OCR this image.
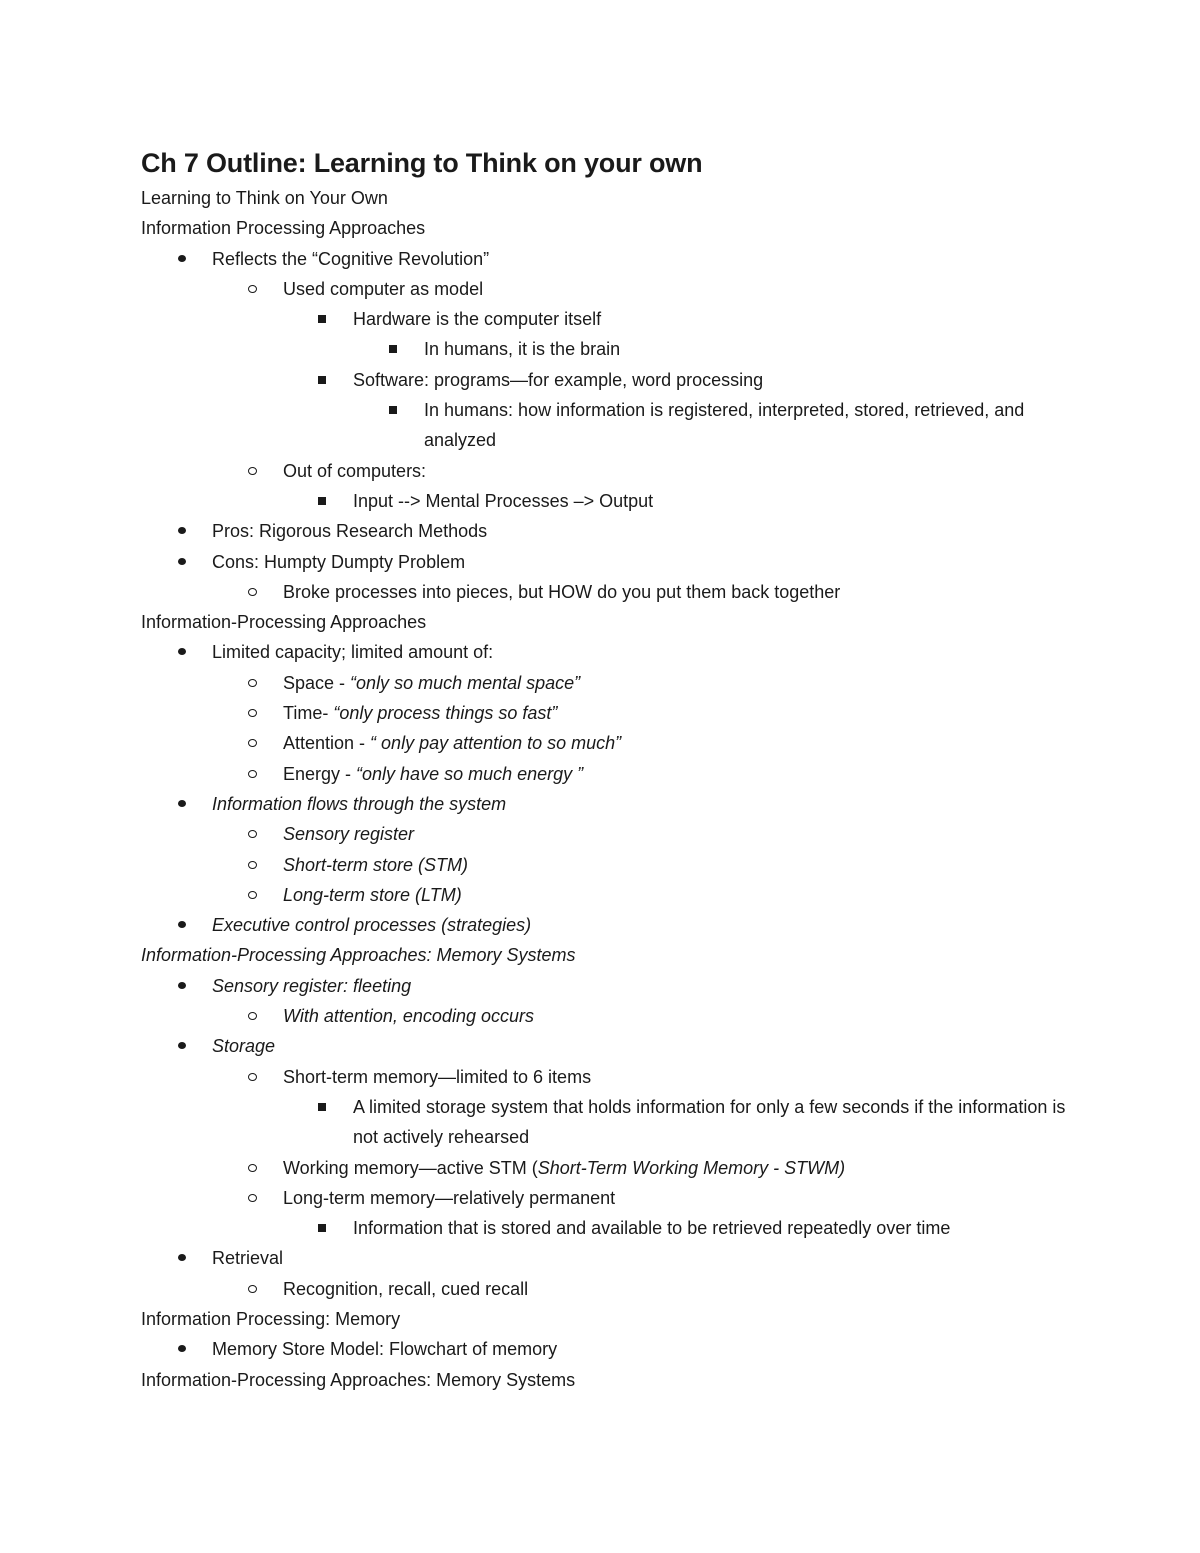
Ch 7 Outline: Learning to Think on your own
Learning to Think on Your Own
Information Processing Approaches
Reflects the “Cognitive Revolution”
Used computer as model
Hardware is the computer itself
In humans, it is the brain
Software: programs—for example, word processing
In humans: how information is registered, interpreted, stored, retrieved, and analyzed
Out of computers:
Input --> Mental Processes –> Output
Pros: Rigorous Research Methods
Cons: Humpty Dumpty Problem
Broke processes into pieces, but HOW do you put them back together
Information-Processing Approaches
Limited capacity; limited amount of:
Space - “only so much mental space”
Time- “only process things so fast”
Attention - “ only pay attention to so much”
Energy - “only have so much energy ”
Information flows through the system
Sensory register
Short-term store (STM)
Long-term store (LTM)
Executive control processes (strategies)
Information-Processing Approaches: Memory Systems
Sensory register: fleeting
With attention, encoding occurs
Storage
Short-term memory—limited to 6 items
A limited storage system that holds information for only a few seconds if the information is not actively rehearsed
Working memory—active STM (Short-Term Working Memory - STWM)
Long-term memory—relatively permanent
Information that is stored and available to be retrieved repeatedly over time
Retrieval
Recognition, recall, cued recall
Information Processing: Memory
Memory Store Model: Flowchart of memory
Information-Processing Approaches: Memory Systems
